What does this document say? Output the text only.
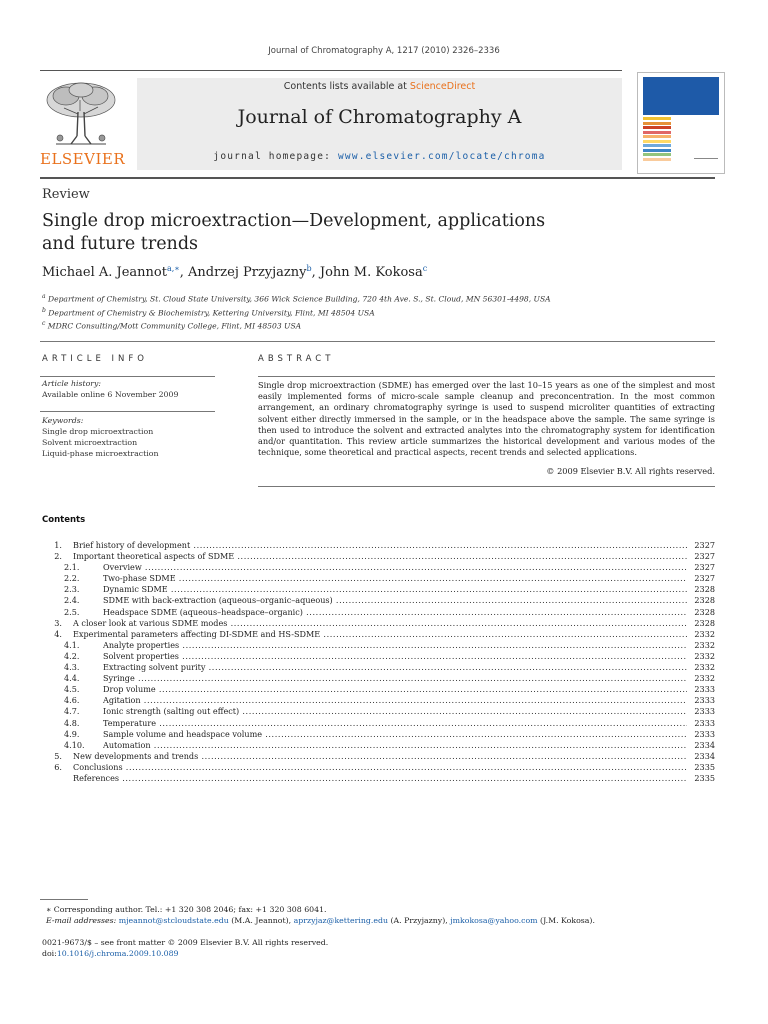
Journal of Chromatography A, 1217 (2010) 2326–2336
ELSEVIER
Contents lists available at ScienceDirect
Journal of Chromatography A
journal homepage: www.elsevier.com/locate/chroma
Review
Single drop microextraction—Development, applications
and future trends
Michael A. Jeannot$^{a,∗}$, Andrzej Przyjazny$^b$, John M. Kokosa$^c$
$^a$ Department of Chemistry, St. Cloud State University, 366 Wick Science Building, 720 4th Ave. S., St. Cloud, MN 56301-4498, USA
$^b$ Department of Chemistry & Biochemistry, Kettering University, Flint, MI 48504 USA
$^c$ MDRC Consulting/Mott Community College, Flint, MI 48503 USA
ARTICLE INFO	ABSTRACT
Article history:
Available online 6 November 2009
Keywords:
Single drop microextraction
Solvent microextraction
Liquid-phase microextraction
Single drop microextraction (SDME) has emerged over the last 10–15 years as one of the simplest and most easily implemented forms of micro-scale sample cleanup and preconcentration. In the most common arrangement, an ordinary chromatography syringe is used to suspend microliter quantities of extracting solvent either directly immersed in the sample, or in the headspace above the sample. The same syringe is then used to introduce the solvent and extracted analytes into the chromatography system for identification and/or quantitation. This review article summarizes the historical development and various modes of the technique, some theoretical and practical aspects, recent trends and selected applications.
© 2009 Elsevier B.V. All rights reserved.
Contents
1. Brief history of development .....	2327
2. Important theoretical aspects of SDME .....	2327
2.1.	Overview .....	2327
2.2.	Two-phase SDME .....	2327
2.3.	Dynamic SDME .....	2328
2.4.	SDME with back-extraction (aqueous–organic–aqueous) .....	2328
2.5.	Headspace SDME (aqueous–headspace–organic) .....	2328
3. A closer look at various SDME modes .....	2328
4. Experimental parameters affecting DI-SDME and HS-SDME .....	2332
4.1.	Analyte properties .....	2332
4.2.	Solvent properties .....	2332
4.3.	Extracting solvent purity .....	2332
4.4.	Syringe .....	2332
4.5.	Drop volume .....	2333
4.6.	Agitation .....	2333
4.7.	Ionic strength (salting out effect) .....	2333
4.8.	Temperature .....	2333
4.9.	Sample volume and headspace volume .....	2333
4.10.	Automation .....	2334
5. New developments and trends .....	2334
6. Conclusions .....	2335
References .....	2335
∗ Corresponding author. Tel.: +1 320 308 2046; fax: +1 320 308 6041.
E-mail addresses: mjeannot@stcloudstate.edu (M.A. Jeannot), aprzyjaz@kettering.edu (A. Przyjazny), jmkokosa@yahoo.com (J.M. Kokosa).
0021-9673/$ – see front matter © 2009 Elsevier B.V. All rights reserved.
doi:10.1016/j.chroma.2009.10.089
